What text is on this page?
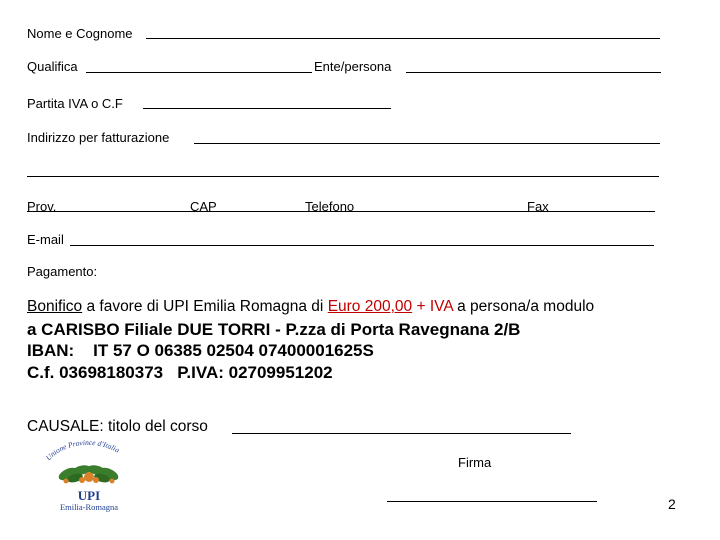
Nome e Cognome
Qualifica	Ente/persona
Partita IVA o C.F
Indirizzo per fatturazione
Prov.	CAP	Telefono	Fax
E-mail
Pagamento:
Bonifico a favore di UPI Emilia Romagna di Euro 200,00 + IVA a persona/a modulo
a CARISBO Filiale DUE TORRI - P.zza di Porta Ravegnana 2/B
IBAN:    IT 57 O 06385 02504 07400001625S
C.f. 03698180373   P.IVA: 02709951202
CAUSALE: titolo del corso
Unione Province d'Italia
UPI
Emilia-Romagna
Firma
2
